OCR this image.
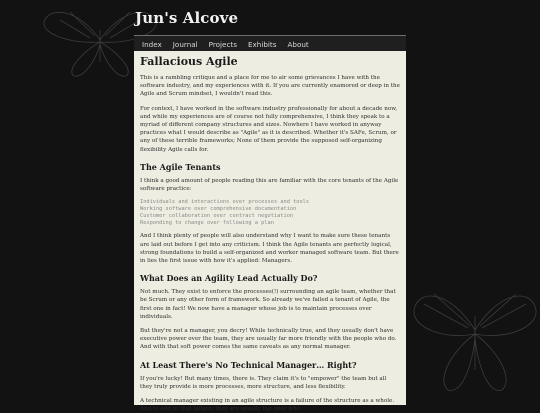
Jun's Alcove
Index Journal Projects Exhibits About
Fallacious Agile

This is a rambling critique and a place for me to air some grievances I have with the software industry, and my experiences with it. If you are currently enamored or deep in the Agile and Scrum mindset, I wouldn't read this.

For context, I have worked in the software industry professionally for about a decade now, and while my experiences are of course not fully comprehensive, I think they speak to a myriad of different company structures and sizes. Nowhere I have worked in anyway practices what I would describe as "Agile" as it is described. Whether it's SAFe, Scrum, or any of these terrible frameworks; None of them provide the supposed self-organizing flexibility Agile calls for.

The Agile Tenants

I think a good amount of people reading this are familiar with the core tenants of the Agile software practice:

Individuals and interactions over processes and tools
Working software over comprehensive documentation
Customer collaboration over contract negotiation
Responding to change over following a plan

And I think plenty of people will also understand why I want to make sure these tenants are laid out before I get into any criticism. I think the Agile tenants are perfectly logical, strong foundations to build a self-organized and worker managed software team. But there in lies the first issue with how it's applied: Managers.

What Does an Agility Lead Actually Do?

Not much. They exist to enforce the processes(!) surrounding an agile team, whether that be Scrum or any other form of framework. So already we've failed a tenant of Agile, the first one in fact! We now have a manager whose job is to maintain processes over individuals.

But they're not a manager, you decry! While technically true, and they usually don't have executive power over the team, they are usually far more friendly with the people who do. And with that soft power comes the same caveats as any normal manager.

At Least There's No Technical Manager… Right?

If you're lucky! But many times, there is. They claim it's to "empower" the team but all they truly provide is more processes, more structure, and less flexibility.

A technical manager existing in an agile structure is a failure of the structure as a whole. And to add to that failure, they are usually the ones who
